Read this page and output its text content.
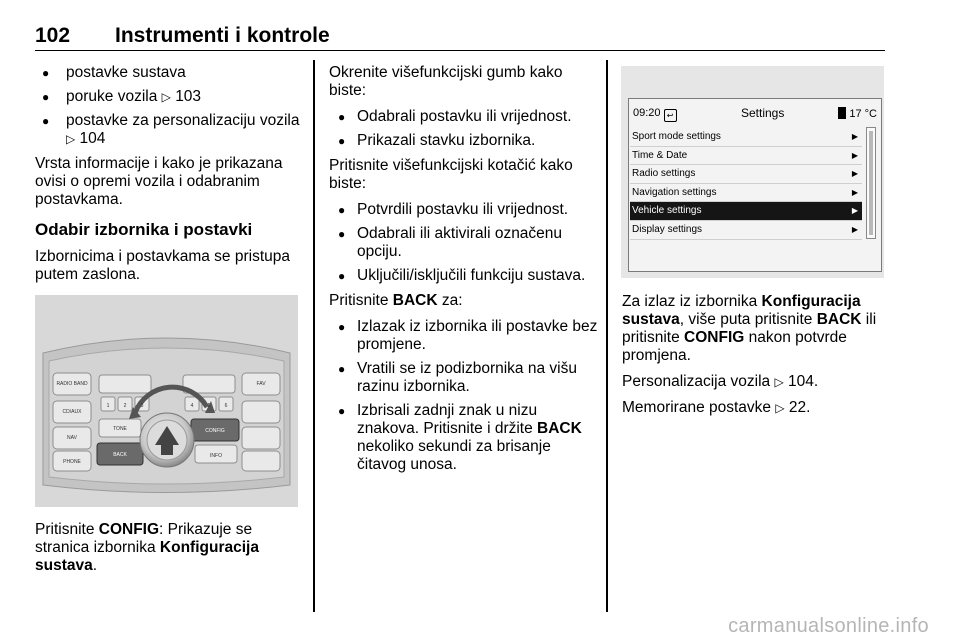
102 Instrumenti i kontrole
● postavke sustava
● poruke vozila ▷ 103
● postavke za personalizaciju vozila ▷ 104

Vrsta informacije i kako je prikazana ovisi o opremi vozila i odabranim postavkama.

Odabir izbornika i postavki

Izbornicima i postavkama se pristupa putem zaslona.

RADIO BAND
CD/AUX
NAV
PHONE
FAV
1	2	3	4	5	6
TONE
INFO
BACK
CONFIG

Pritisnite CONFIG: Prikazuje se stranica izbornika Konfiguracija sustava.

Okrenite višefunkcijski gumb kako biste:

● Odabrali postavku ili vrijednost.
● Prikazali stavku izbornika.

Pritisnite višefunkcijski kotačić kako biste:

● Potvrdili postavku ili vrijednost.
● Odabrali ili aktivirali označenu opciju.
● Uključili/isključili funkciju sustava.

Pritisnite BACK za:

● Izlazak iz izbornika ili postavke bez promjene.
● Vratili se iz podizbornika na višu razinu izbornika.
● Izbrisali zadnji znak u nizu znakova. Pritisnite i držite BACK nekoliko sekundi za brisanje čitavog unosa.
09:20 ↩	Settings	17 °C
Sport mode settings	▶
Time & Date	▶
Radio settings	▶
Navigation settings	▶
Vehicle settings	▶
Display settings	▶

Za izlaz iz izbornika Konfiguracija sustava, više puta pritisnite BACK ili pritisnite CONFIG nakon potvrde promjena.

Personalizacija vozila ▷ 104.

Memorirane postavke ▷ 22.

carmanualsonline.info
